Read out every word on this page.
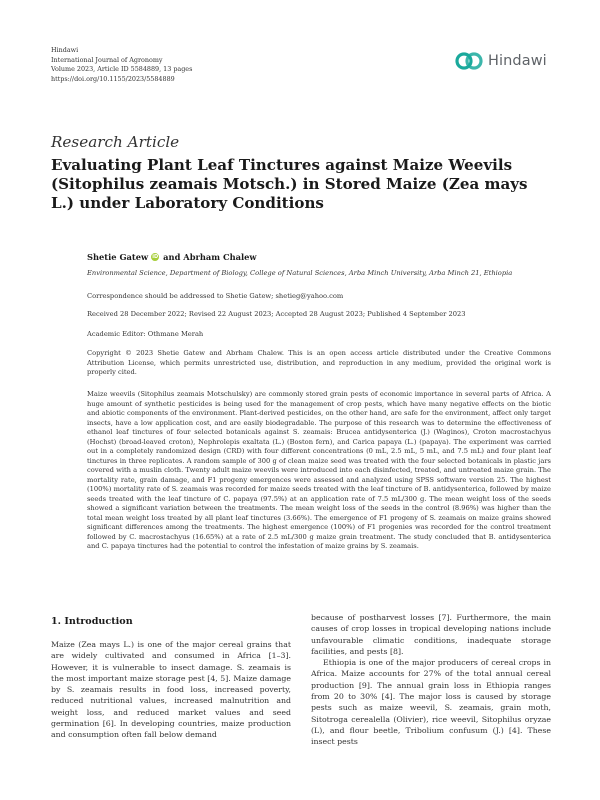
Hindawi
International Journal of Agronomy
Volume 2023, Article ID 5584889, 13 pages
https://doi.org/10.1155/2023/5584889
Hindawi
Research Article
Evaluating Plant Leaf Tinctures against Maize Weevils (Sitophilus zeamais Motsch.) in Stored Maize (Zea mays L.) under Laboratory Conditions
Shetie Gatew iD and
Abrham Chalew
Environmental Science, Department of Biology, College of Natural Sciences, Arba Minch University, Arba Minch 21, Ethiopia
Correspondence should be addressed to Shetie Gatew; shetieg@yahoo.com
Received 28 December 2022; Revised 22 August 2023; Accepted 28 August 2023; Published 4 September 2023
Academic Editor: Othmane Merah

Copyright © 2023 Shetie Gatew and Abrham Chalew. This is an open access article distributed under the Creative Commons Attribution License, which permits unrestricted use, distribution, and reproduction in any medium, provided the original work is properly cited.

Maize weevils (Sitophilus zeamais Motschulsky) are commonly stored grain pests of economic importance in several parts of Africa. A huge amount of synthetic pesticides is being used for the management of crop pests, which have many negative effects on the biotic and abiotic components of the environment. Plant-derived pesticides, on the other hand, are safe for the environment, affect only target insects, have a low application cost, and are easily biodegradable. The purpose of this research was to determine the effectiveness of ethanol leaf tinctures of four selected botanicals against S. zeamais: Brucea antidysenterica (J.) (Waginos), Croton macrostachyus (Hochst) (broad-leaved croton), Nephrolepis exaltata (L.) (Boston fern), and Carica papaya (L.) (papaya). The experiment was carried out in a completely randomized design (CRD) with four different concentrations (0 mL, 2.5 mL, 5 mL, and 7.5 mL) and four plant leaf tinctures in three replicates. A random sample of 300 g of clean maize seed was treated with the four selected botanicals in plastic jars covered with a muslin cloth. Twenty adult maize weevils were introduced into each disinfected, treated, and untreated maize grain. The mortality rate, grain damage, and F1 progeny emergences were assessed and analyzed using SPSS software version 25. The highest (100%) mortality rate of S. zeamais was recorded for maize seeds treated with the leaf tincture of B. antidysenterica, followed by maize seeds treated with the leaf tincture of C. papaya (97.5%) at an application rate of 7.5 mL/300 g. The mean weight loss of the seeds showed a significant variation between the treatments. The mean weight loss of the seeds in the control (8.96%) was higher than the total mean weight loss treated by all plant leaf tinctures (3.66%). The emergence of F1 progeny of S. zeamais on maize grains showed significant differences among the treatments. The highest emergence (100%) of F1 progenies was recorded for the control treatment followed by C. macrostachyus (16.65%) at a rate of 2.5 mL/300 g maize grain treatment. The study concluded that B. antidysenterica and C. papaya tinctures had the potential to control the infestation of maize grains by S. zeamais.

1. Introduction

Maize (Zea mays L.) is one of the major cereal grains that are widely cultivated and consumed in Africa [1–3]. However, it is vulnerable to insect damage. S. zeamais is the most important maize storage pest [4, 5]. Maize damage by S. zeamais results in food loss, increased poverty, reduced nutritional values, increased malnutrition and weight loss, and reduced market values and seed germination [6]. In developing countries, maize production and consumption often fall below demand

because of postharvest losses [7]. Furthermore, the main causes of crop losses in tropical developing nations include unfavourable climatic conditions, inadequate storage facilities, and pests [8].

Ethiopia is one of the major producers of cereal crops in Africa. Maize accounts for 27% of the total annual cereal production [9]. The annual grain loss in Ethiopia ranges from 20 to 30% [4]. The major loss is caused by storage pests such as maize weevil, S. zeamais, grain moth, Sitotroga cerealella (Olivier), rice weevil, Sitophilus oryzae (L), and flour beetle, Tribolium confusum (J.) [4]. These insect pests
